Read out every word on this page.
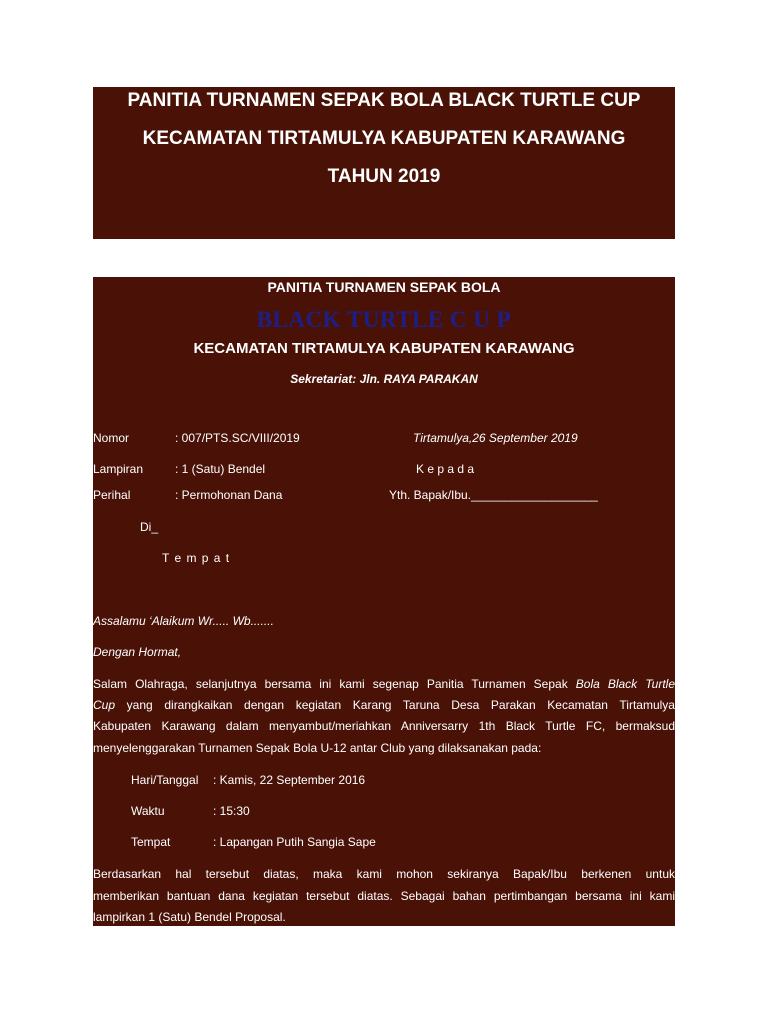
PANITIA TURNAMEN SEPAK BOLA BLACK TURTLE CUP
KECAMATAN TIRTAMULYA KABUPATEN KARAWANG
TAHUN 2019
PANITIA TURNAMEN SEPAK BOLA
BLACK TURTLE C U P
KECAMATAN TIRTAMULYA KABUPATEN KARAWANG
Sekretariat: Jln. RAYA PARAKAN
Nomor	: 007/PTS.SC/VIII/2019	Tirtamulya,26 September 2019
Lampiran	: 1 (Satu) Bendel	K e p a d a
Perihal	: Permohonan Dana	Yth. Bapak/Ibu.___________________
Di_
T e m p a t
Assalamu ‘Alaikum Wr..... Wb.......
Dengan Hormat,
Salam Olahraga, selanjutnya bersama ini kami segenap Panitia Turnamen Sepak Bola Black Turtle
Cup yang dirangkaikan dengan kegiatan Karang Taruna Desa Parakan Kecamatan Tirtamulya
Kabupaten Karawang dalam menyambut/meriahkan Anniversarry 1th Black Turtle FC, bermaksud
menyelenggarakan Turnamen Sepak Bola U-12 antar Club yang dilaksanakan pada:
Hari/Tanggal : Kamis, 22 September 2016
Waktu	: 15:30
Tempat	: Lapangan Putih Sangia Sape
Berdasarkan hal tersebut diatas, maka kami mohon sekiranya Bapak/Ibu berkenen untuk
memberikan bantuan dana kegiatan tersebut diatas. Sebagai bahan pertimbangan bersama ini kami
lampirkan 1 (Satu) Bendel Proposal.
